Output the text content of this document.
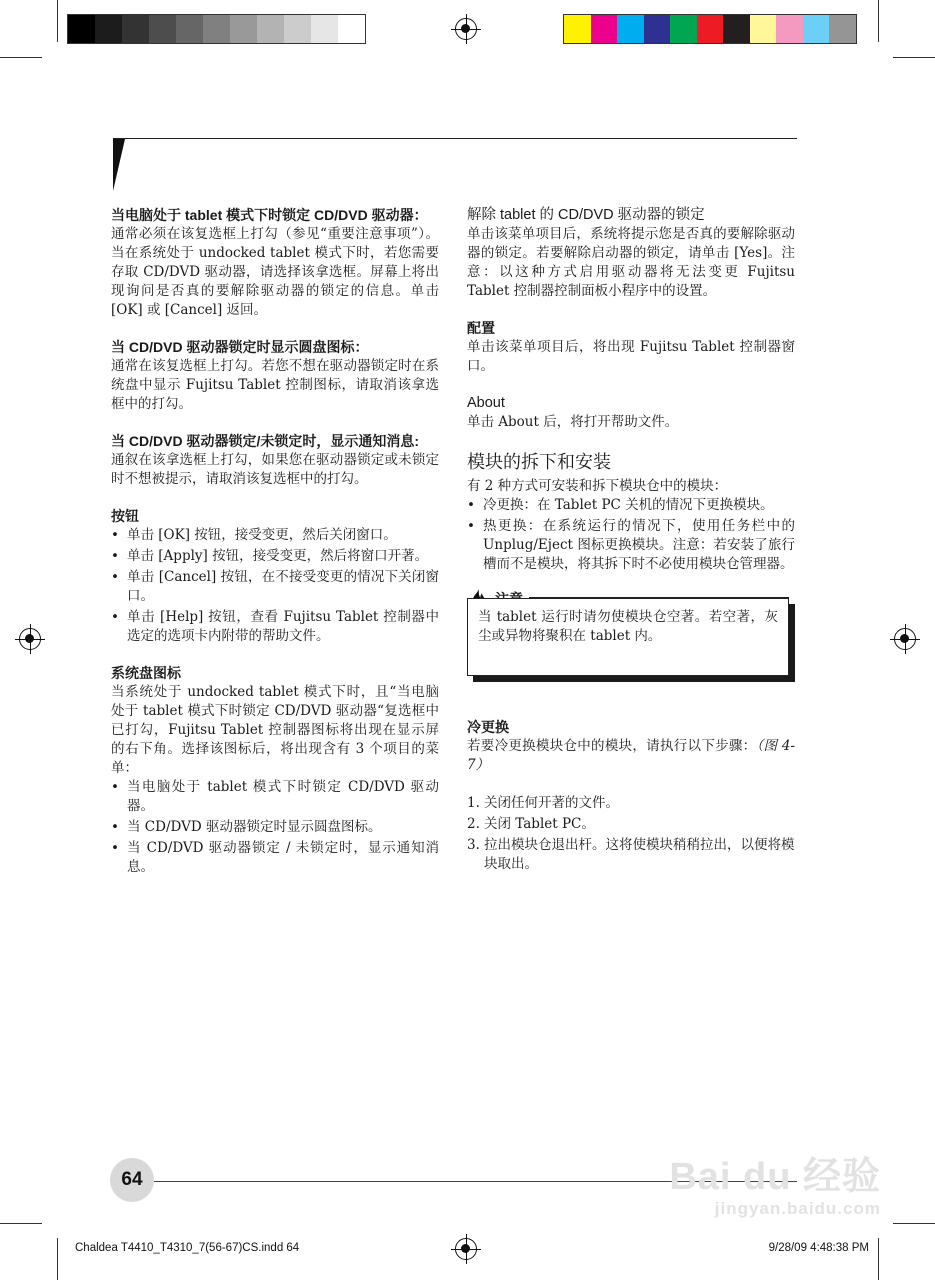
当电脑处于 tablet 模式下时锁定 CD/DVD 驱动器：

通常必须在该复选框上打勾（参见“重要注意事项”）。当在系统处于 undocked tablet 模式下时，若您需要存取 CD/DVD 驱动器，请选择该拿选框。屏幕上将出现询问是否真的要解除驱动器的锁定的信息。单击 [OK] 或 [Cancel] 返回。

当 CD/DVD 驱动器锁定时显示圆盘图标：

通常在该复选框上打勾。若您不想在驱动器锁定时在系统盘中显示 Fujitsu Tablet 控制图标，请取消该拿选框中的打勾。

当 CD/DVD 驱动器锁定/未锁定时，显示通知消息:

通叙在该拿选框上打勾，如果您在驱动器锁定或未锁定时不想被提示，请取消该复选框中的打勾。

按钮
• 单击 [OK] 按钮，接受变更，然后关闭窗口。
• 单击 [Apply] 按钮，接受变更，然后将窗口开著。
• 单击 [Cancel] 按钮，在不接受变更的情况下关闭窗口。
• 单击 [Help] 按钮，查看 Fujitsu Tablet 控制器中选定的选项卡内附带的帮助文件。
系统盘图标

当系统处于 undocked tablet 模式下时，且“当电脑处于 tablet 模式下时锁定 CD/DVD 驱动器“复选框中已打勾，Fujitsu Tablet 控制器图标将出现在显示屏的右下角。选择该图标后，将出现含有 3 个项目的菜单：

• 当电脑处于 tablet 模式下时锁定 CD/DVD 驱动器。
• 当 CD/DVD 驱动器锁定时显示圆盘图标。
• 当 CD/DVD 驱动器锁定 / 未锁定时，显示通知消息。
解除 tablet 的 CD/DVD 驱动器的锁定

单击该菜单项目后，系统将提示您是否真的要解除驱动器的锁定。若要解除启动器的锁定，请单击 [Yes]。注意：以这种方式启用驱动器将无法变更 Fujitsu Tablet 控制器控制面板小程序中的设置。

配置

单击该菜单项目后，将出现 Fujitsu Tablet 控制器窗口。

About

单击 About 后，将打开帮助文件。

模块的拆下和安装

有 2 种方式可安装和拆下模块仓中的模块：

• 冷更换：在 Tablet PC 关机的情况下更换模块。
• 热更换：在系统运行的情况下，使用任务栏中的 Unplug/Eject 图标更换模块。注意：若安装了旅行槽而不是模块，将其拆下时不必使用模块仓管理器。

当 tablet 运行时请勿使模块仓空著。若空著，灰尘或异物将聚积在 tablet 内。

冷更换

若要冷更换模块仓中的模块，请执行以下步骤：（图 4-7）

1. 关闭任何开著的文件。
2. 关闭 Tablet PC。
3. 拉出模块仓退出杆。这将使模块稍稍拉出，以便将模块取出。
64	Bai du 经验
jingyan.baidu.com
Chaldea T4410_T4310_7(56-67)CS.indd 64	9/28/09 4:48:38 PM
